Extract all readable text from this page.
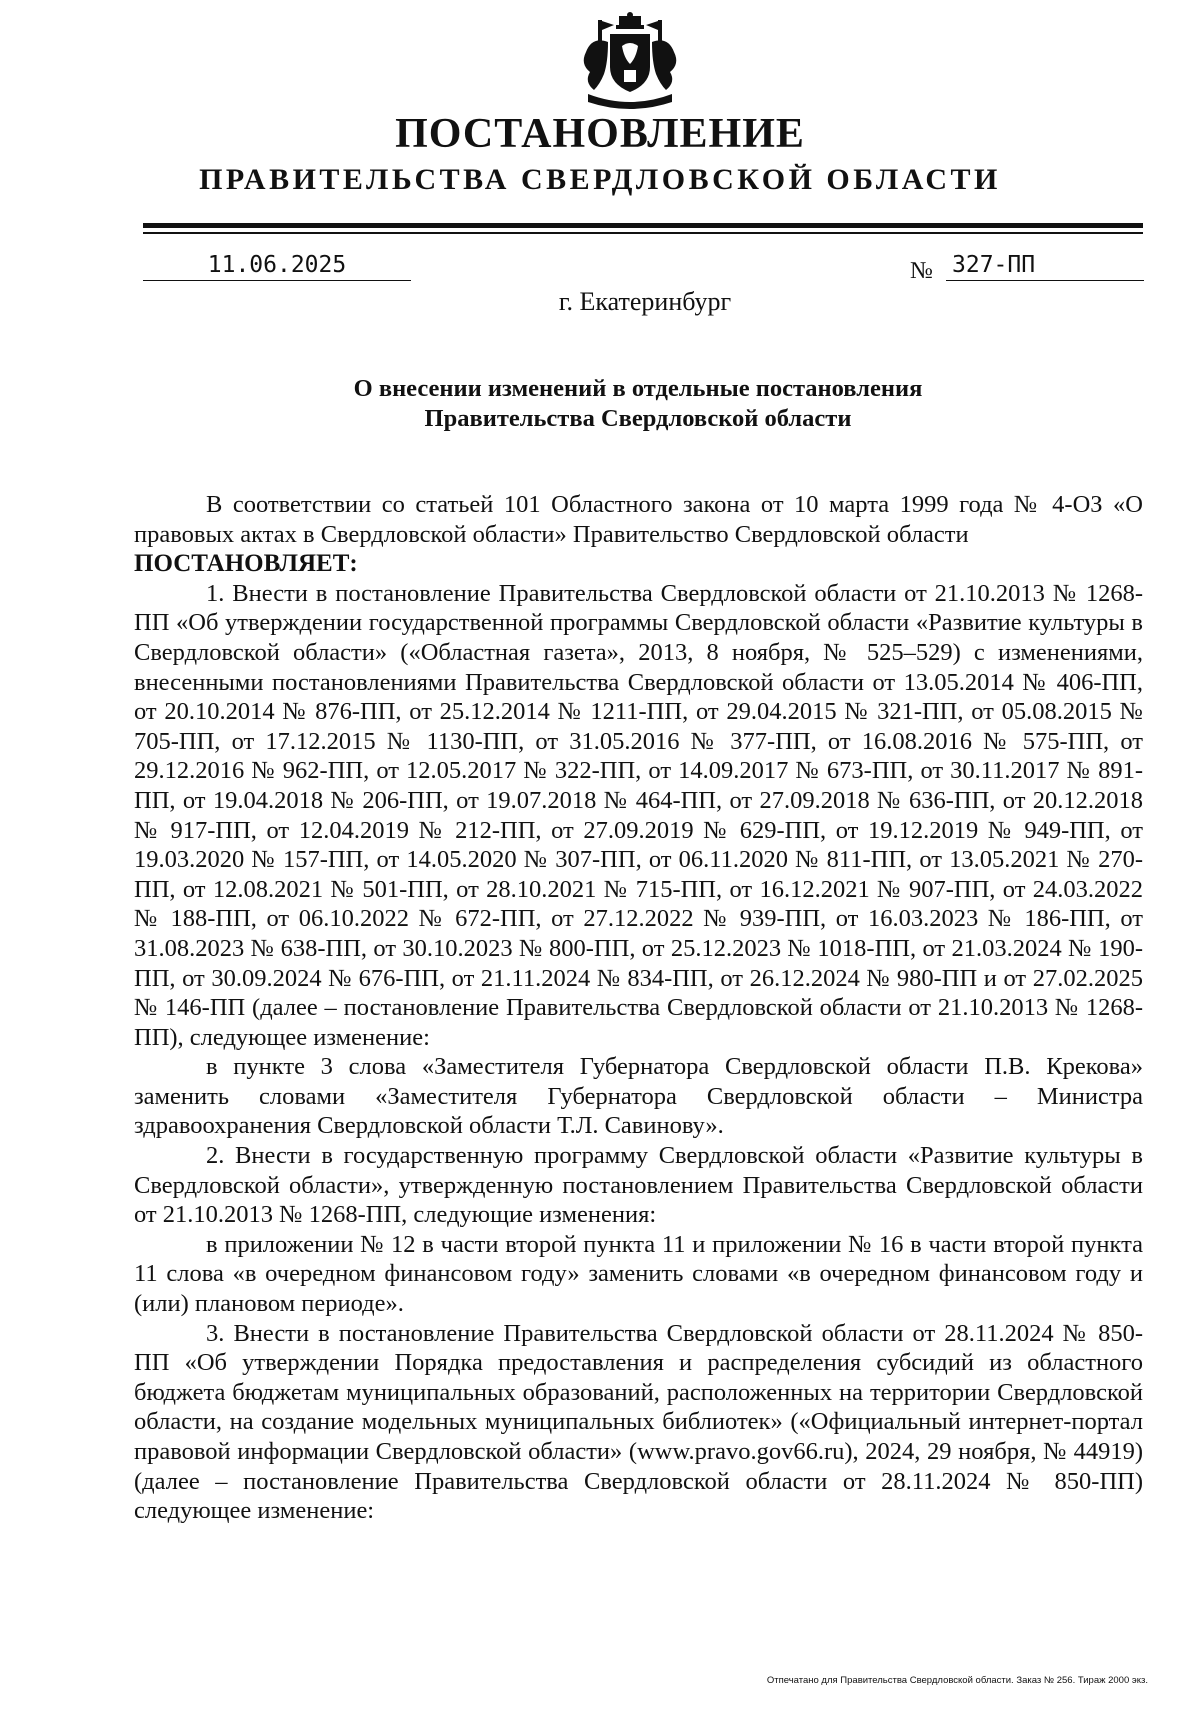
ПОСТАНОВЛЕНИЕ
ПРАВИТЕЛЬСТВА СВЕРДЛОВСКОЙ ОБЛАСТИ
11.06.2025	№ 327-ПП
г. Екатеринбург
О внесении изменений в отдельные постановления
Правительства Свердловской области

В соответствии со статьей 101 Областного закона от 10 марта 1999 года № 4-ОЗ «О правовых актах в Свердловской области» Правительство Свердловской области

ПОСТАНОВЛЯЕТ:

1. Внести в постановление Правительства Свердловской области от 21.10.2013 № 1268-ПП «Об утверждении государственной программы Свердловской области «Развитие культуры в Свердловской области» («Областная газета», 2013, 8 ноября, № 525–529) с изменениями, внесенными постановлениями Правительства Свердловской области от 13.05.2014 № 406-ПП, от 20.10.2014 № 876-ПП, от 25.12.2014 № 1211-ПП, от 29.04.2015 № 321-ПП, от 05.08.2015 № 705-ПП, от 17.12.2015 № 1130-ПП, от 31.05.2016 № 377-ПП, от 16.08.2016 № 575-ПП, от 29.12.2016 № 962-ПП, от 12.05.2017 № 322-ПП, от 14.09.2017 № 673-ПП, от 30.11.2017 № 891-ПП, от 19.04.2018 № 206-ПП, от 19.07.2018 № 464-ПП, от 27.09.2018 № 636-ПП, от 20.12.2018 № 917-ПП, от 12.04.2019 № 212-ПП, от 27.09.2019 № 629-ПП, от 19.12.2019 № 949-ПП, от 19.03.2020 № 157-ПП, от 14.05.2020 № 307-ПП, от 06.11.2020 № 811-ПП, от 13.05.2021 № 270-ПП, от 12.08.2021 № 501-ПП, от 28.10.2021 № 715-ПП, от 16.12.2021 № 907-ПП, от 24.03.2022 № 188-ПП, от 06.10.2022 № 672-ПП, от 27.12.2022 № 939-ПП, от 16.03.2023 № 186-ПП, от 31.08.2023 № 638-ПП, от 30.10.2023 № 800-ПП, от 25.12.2023 № 1018-ПП, от 21.03.2024 № 190-ПП, от 30.09.2024 № 676-ПП, от 21.11.2024 № 834-ПП, от 26.12.2024 № 980-ПП и от 27.02.2025 № 146-ПП (далее – постановление Правительства Свердловской области от 21.10.2013 № 1268-ПП), следующее изменение:

в пункте 3 слова «Заместителя Губернатора Свердловской области П.В. Крекова» заменить словами «Заместителя Губернатора Свердловской области – Министра здравоохранения Свердловской области Т.Л. Савинову».

2. Внести в государственную программу Свердловской области «Развитие культуры в Свердловской области», утвержденную постановлением Правительства Свердловской области от 21.10.2013 № 1268-ПП, следующие изменения:

в приложении № 12 в части второй пункта 11 и приложении № 16 в части второй пункта 11 слова «в очередном финансовом году» заменить словами «в очередном финансовом году и (или) плановом периоде».

3. Внести в постановление Правительства Свердловской области от 28.11.2024 № 850-ПП «Об утверждении Порядка предоставления и распределения субсидий из областного бюджета бюджетам муниципальных образований, расположенных на территории Свердловской области, на создание модельных муниципальных библиотек» («Официальный интернет-портал правовой информации Свердловской области» (www.pravo.gov66.ru), 2024, 29 ноября, № 44919) (далее – постановление Правительства Свердловской области от 28.11.2024 № 850-ПП) следующее изменение:

Отпечатано для Правительства Свердловской области. Заказ № 256. Тираж 2000 экз.
